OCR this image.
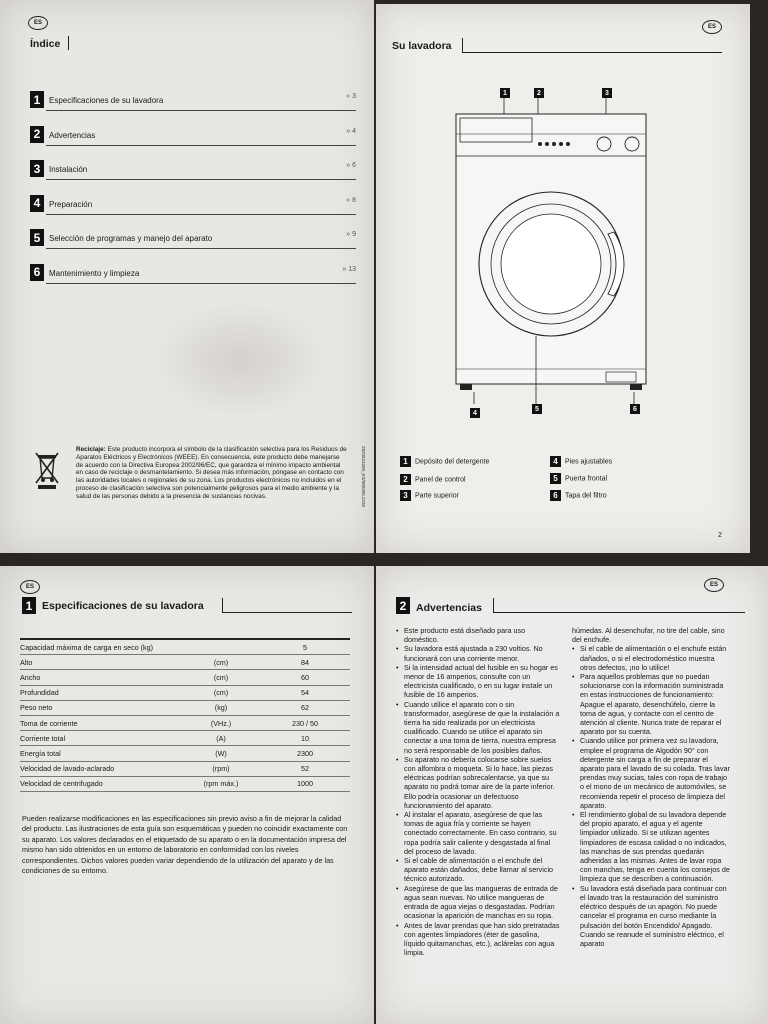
ES
Índice
1	Especificaciones de su lavadora	» 3
2	Advertencias	» 4
3	Instalación	» 6
4	Preparación	» 8
5	Selección de programas y manejo del aparato	» 9
6	Mantenimiento y limpieza	» 13
Reciclaje: Este producto incorpora el símbolo de la clasificación selectiva para los Residuos de Aparatos Eléctricos y Electrónicos (WEEE). En consecuencia, este producto debe manejarse de acuerdo con la Directiva Europea 2002/96/EC, que garantiza el mínimo impacto ambiental en caso de reciclaje o desmantelamiento. Si desea más información, póngase en contacto con las autoridades locales o regionales de su zona. Los productos electrónicos no incluidos en el proceso de clasificación selectiva son potencialmente peligrosos para el medio ambiente y la salud de las personas debido a la presencia de sustancias nocivas.	2820523300_ES/080306.2230
ES
Su lavadora
1	2	3
4
5	6
1 Depósito del detergente
2 Panel de control
3 Parte superior
4 Pies ajustables
5 Puerta frontal
6 Tapa del filtro
2
ES
1 Especificaciones de su lavadora
Capacidad máxima de carga en seco (kg)		5
Alto	(cm)	84
Ancho	(cm)	60
Profundidad	(cm)	54
Peso neto	(kg)	62
Toma de corriente	(VHz.)	230 / 50
Corriente total	(A)	10
Energía total	(W)	2300
Velocidad de lavado-aclarado	(rpm)	52
Velocidad de centrifugado	(rpm máx.)	1000
Pueden realizarse modificaciones en las especificaciones sin previo aviso a fin de mejorar la calidad del producto. Las ilustraciones de esta guía son esquemáticas y pueden no coincidir exactamente con su aparato. Los valores declarados en el etiquetado de su aparato o en la documentación impresa del mismo han sido obtenidos en un entorno de laboratorio en conformidad con los niveles correspondientes. Dichos valores pueden variar dependiendo de la utilización del aparato y de las condiciones de su entorno.
ES
2 Advertencias
• Este producto está diseñado para uso doméstico.
• Su lavadora está ajustada a 230 voltios. No funcionará con una corriente menor.
• Si la intensidad actual del fusible en su hogar es menor de 16 amperios, consulte con un electricista cualificado, o en su lugar instale un fusible de 16 amperios.
• Cuando utilice el aparato con o sin transformador, asegúrese de que la instalación a tierra ha sido realizada por un electricista cualificado. Cuando se utilice el aparato sin conectar a una toma de tierra, nuestra empresa no será responsable de los posibles daños.
• Su aparato no debería colocarse sobre suelos con alfombra o moqueta. Si lo hace, las piezas eléctricas podrían sobrecalentarse, ya que su aparato no podrá tomar aire de la parte inferior. Ello podría ocasionar un defectuoso funcionamiento del aparato.
• Al instalar el aparato, asegúrese de que las tomas de agua fría y corriente se hayen conectado correctamente. En caso contrario, su ropa podría salir caliente y desgastada al final del proceso de lavado.
• Si el cable de alimentación o el enchufe del aparato están dañados, debe llamar al servicio técnico autorizado.
• Asegúrese de que las mangueras de entrada de agua sean nuevas. No utilice mangueras de entrada de agua viejas o desgastadas. Podrían ocasionar la aparición de manchas en su ropa.
• Antes de lavar prendas que han sido pretratadas con agentes limpiadores (éter de gasolina, líquido quitamanchas, etc.), aclárelas con agua limpia.
húmedas. Al desenchufar, no tire del cable, sino del enchufe.
• Si el cable de alimentación o el enchufe están dañados, o si el electrodoméstico muestra otros defectos, ¡no lo utilice!
• Para aquellos problemas que no puedan solucionarse con la información suministrada en estas instrucciones de funcionamiento: Apague el aparato, desenchúfelo, cierre la toma de agua, y contacte con el centro de atención al cliente. Nunca trate de reparar el aparato por su cuenta.
• Cuando utilice por primera vez su lavadora, emplee el programa de Algodón 90° con detergente sin carga a fin de preparar el aparato para el lavado de su colada. Tras lavar prendas muy sucias, tales con ropa de trabajo o el mono de un mecánico de automóviles, se recomienda repetir el proceso de limpieza del aparato.
• El rendimiento global de su lavadora depende del propio aparato, el agua y el agente limpiador utilizado. Si se utilizan agentes limpiadores de escasa calidad o no indicados, las manchas de sus prendas quedarán adheridas a las mismas. Antes de lavar ropa con manchas, tenga en cuenta los consejos de limpieza que se describen a continuación.
• Su lavadora está diseñada para continuar con el lavado tras la restauración del suministro eléctrico después de un apagón. No puede cancelar el programa en curso mediante la pulsación del botón Encendido/ Apagado. Cuando se reanude el suministro eléctrico, el aparato
